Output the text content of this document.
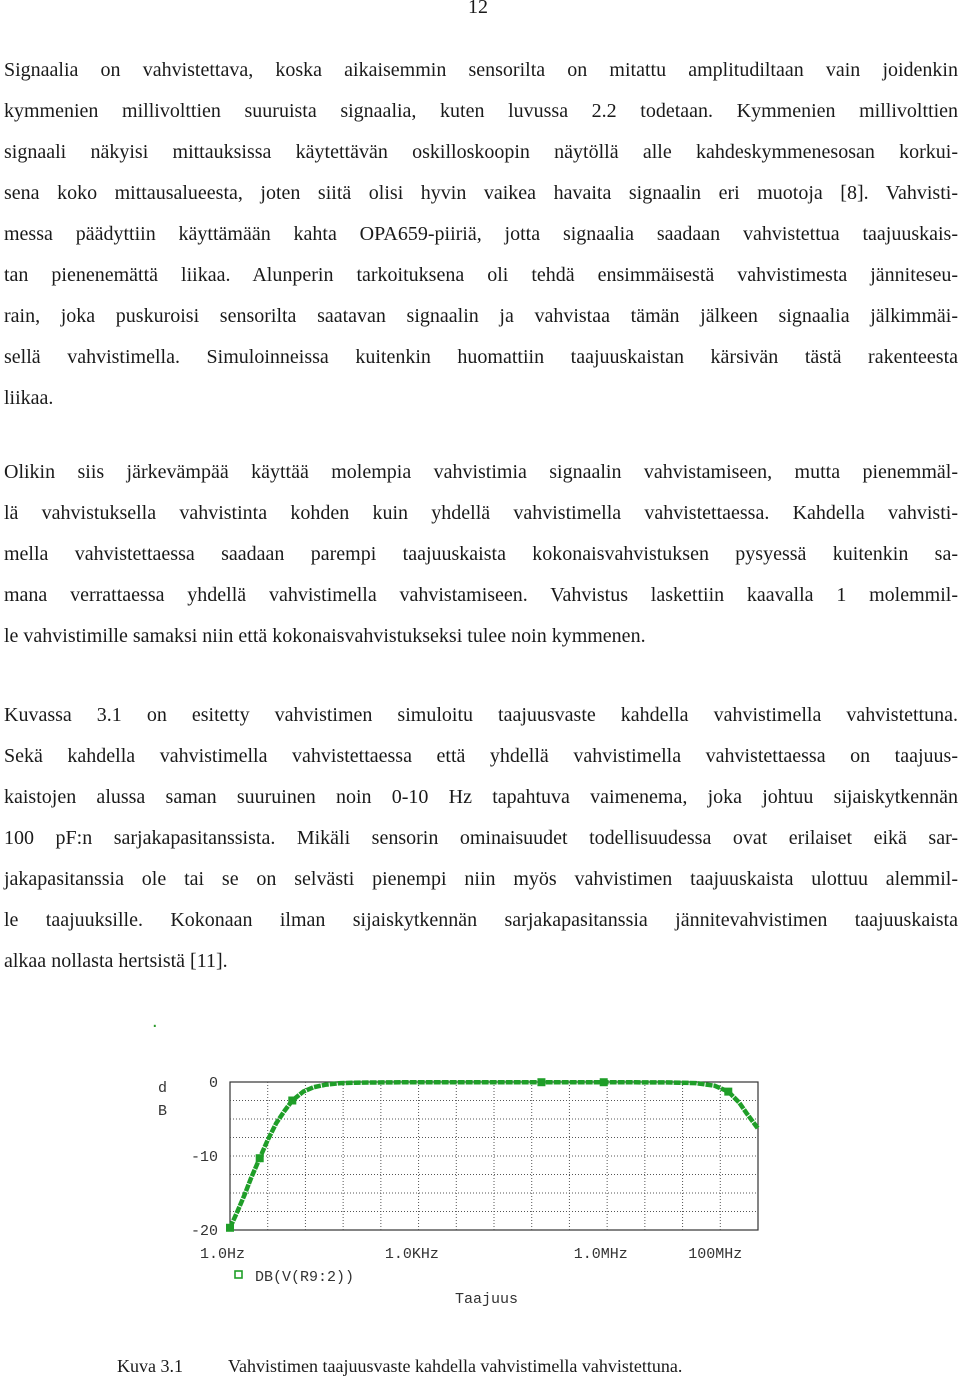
12
Signaalia on vahvistettava, koska aikaisemmin sensorilta on mitattu amplitudiltaan vain joidenkin
kymmenien millivolttien suuruista signaalia, kuten luvussa 2.2 todetaan. Kymmenien millivolttien
signaali näkyisi mittauksissa käytettävän oskilloskoopin näytöllä alle kahdeskymmenesosan korkui-
sena koko mittausalueesta, joten siitä olisi hyvin vaikea havaita signaalin eri muotoja [8]. Vahvisti-
messa päädyttiin käyttämään kahta OPA659-piiriä, jotta signaalia saadaan vahvistettua taajuuskais-
tan pienenemättä liikaa. Alunperin tarkoituksena oli tehdä ensimmäisestä vahvistimesta jänniteseu-
rain, joka puskuroisi sensorilta saatavan signaalin ja vahvistaa tämän jälkeen signaalia jälkimmäi-
sellä vahvistimella. Simuloinneissa kuitenkin huomattiin taajuuskaistan kärsivän tästä rakenteesta
liikaa.
Olikin siis järkevämpää käyttää molempia vahvistimia signaalin vahvistamiseen, mutta pienemmäl-
lä vahvistuksella vahvistinta kohden kuin yhdellä vahvistimella vahvistettaessa. Kahdella vahvisti-
mella vahvistettaessa saadaan parempi taajuuskaista kokonaisvahvistuksen pysyessä kuitenkin sa-
mana verrattaessa yhdellä vahvistimella vahvistamiseen. Vahvistus laskettiin kaavalla 1 molemmil-
le vahvistimille samaksi niin että kokonaisvahvistukseksi tulee noin kymmenen.
Kuvassa 3.1 on esitetty vahvistimen simuloitu taajuusvaste kahdella vahvistimella vahvistettuna.
Sekä kahdella vahvistimella vahvistettaessa että yhdellä vahvistimella vahvistettaessa on taajuus-
kaistojen alussa saman suuruinen noin 0-10 Hz tapahtuva vaimenema, joka johtuu sijaiskytkennän
100 pF:n sarjakapasitanssista. Mikäli sensorin ominaisuudet todellisuudessa ovat erilaiset eikä sar-
jakapasitanssia ole tai se on selvästi pienempi niin myös vahvistimen taajuuskaista ulottuu alemmil-
le taajuuksille. Kokonaan ilman sijaiskytkennän sarjakapasitanssia jännitevahvistimen taajuuskaista
alkaa nollasta hertsistä [11].
.
d
B
Taajuus
DB(V(R9:2))
0
-10
-20
1.0Hz	1.0KHz	1.0MHz	100MHz
Kuva 3.1	Vahvistimen taajuusvaste kahdella vahvistimella vahvistettuna.
